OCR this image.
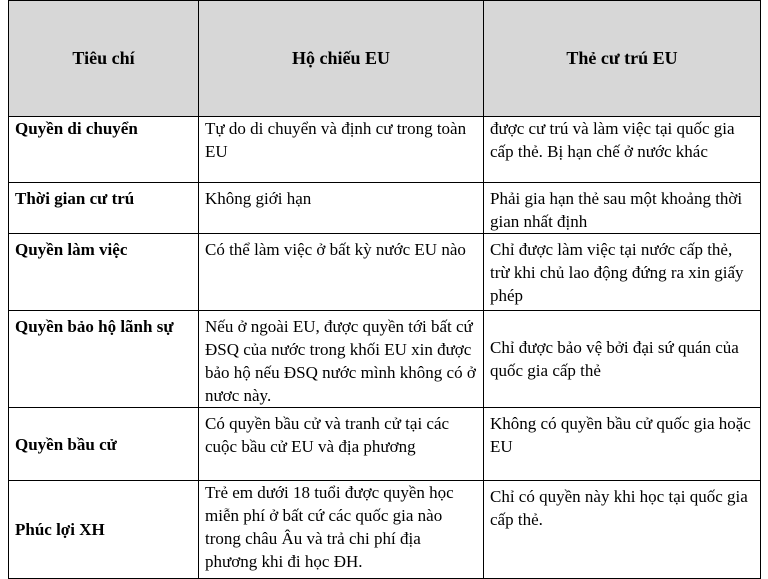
Tiêu chí	Hộ chiếu EU	Thẻ cư trú EU
Quyền di chuyển	Tự do di chuyển và định cư trong toàn EU	được cư trú và làm việc tại quốc gia cấp thẻ. Bị hạn chế ở nước khác
Thời gian cư trú	Không giới hạn	Phải gia hạn thẻ sau một khoảng thời gian nhất định
Quyền làm việc	Có thể làm việc ở bất kỳ nước EU nào	Chỉ được làm việc tại nước cấp thẻ, trừ khi chủ lao động đứng ra xin giấy phép
Quyền bảo hộ lãnh sự	Nếu ở ngoài EU, được quyền tới bất cứ ĐSQ của nước trong khối EU xin được bảo hộ nếu ĐSQ nước mình không có ở nươc này.	Chỉ được bảo vệ bởi đại sứ quán của quốc gia cấp thẻ
Quyền bầu cử	Có quyền bầu cử và tranh cử tại các cuộc bầu cử EU và địa phương	Không có quyền bầu cử quốc gia hoặc EU
Phúc lợi XH	Trẻ em dưới 18 tuổi được quyền học miễn phí ở bất cứ các quốc gia nào trong châu Âu và trả chi phí địa phương khi đi học ĐH.	Chỉ có quyền này khi học tại quốc gia cấp thẻ.
